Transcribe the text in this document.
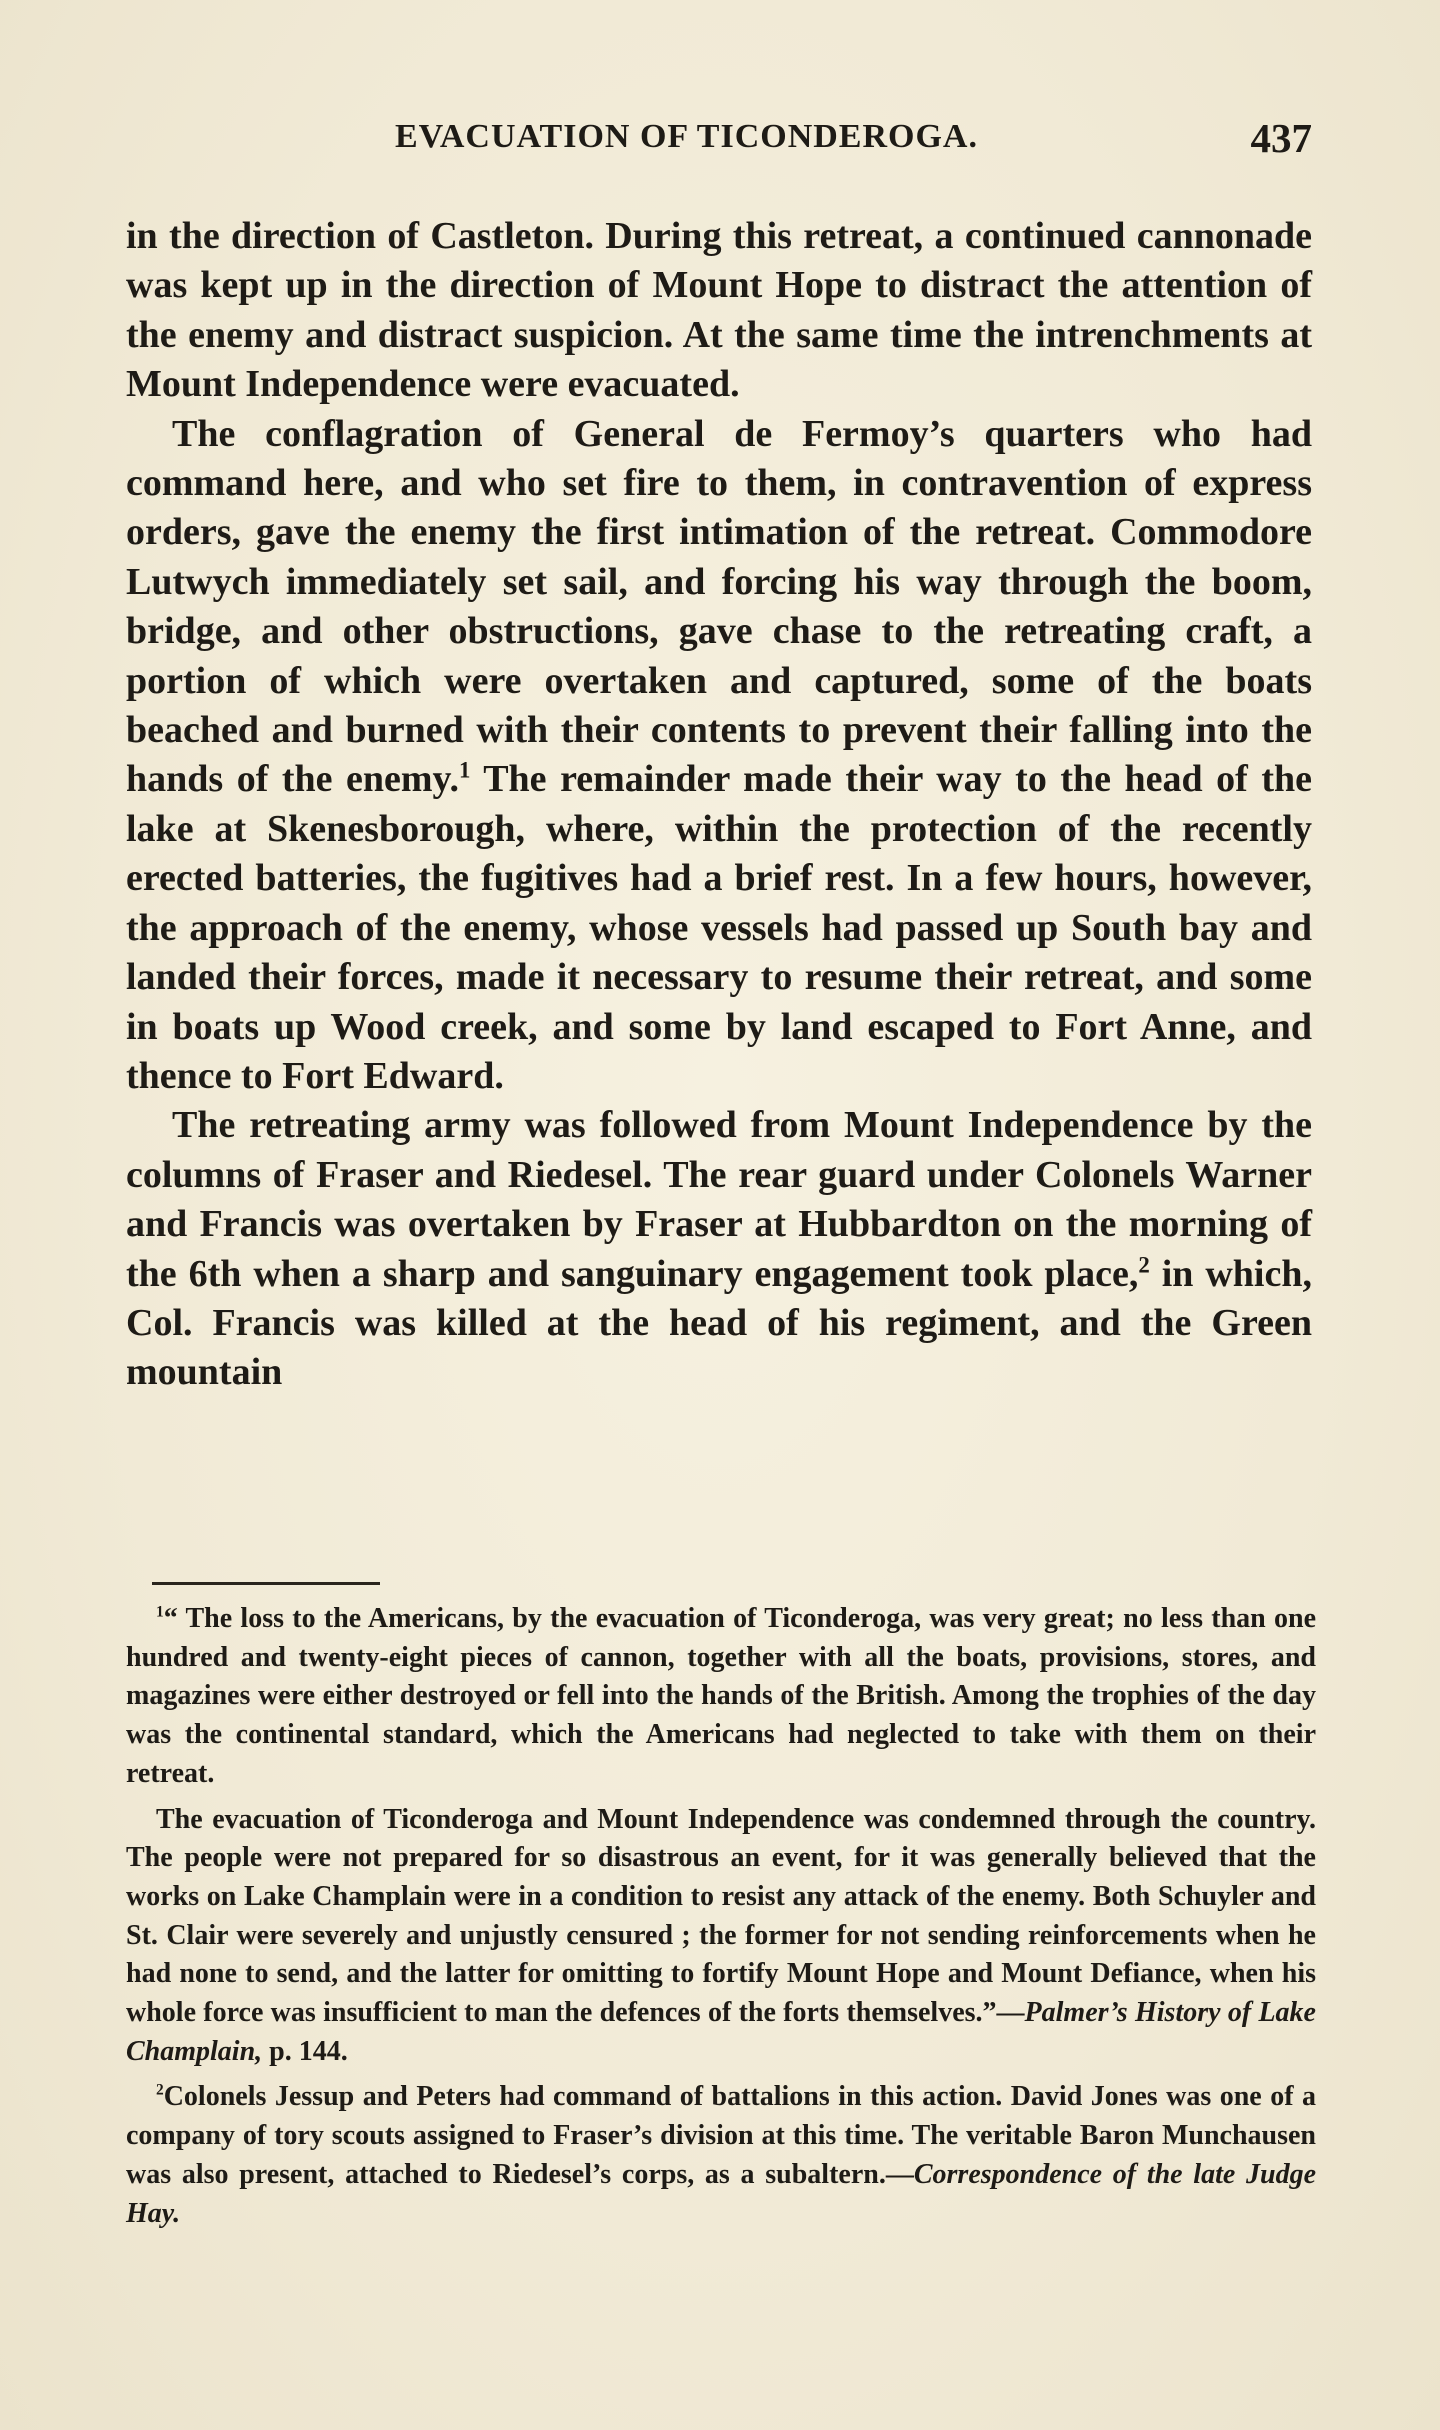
EVACUATION OF TICONDEROGA.	437

in the direction of Castleton. During this retreat, a continued cannonade was kept up in the direction of Mount Hope to distract the attention of the enemy and distract suspicion. At the same time the intrenchments at Mount Independence were evacuated.

The conflagration of General de Fermoy’s quarters who had command here, and who set fire to them, in contravention of express orders, gave the enemy the first intimation of the retreat. Commodore Lutwych immediately set sail, and forcing his way through the boom, bridge, and other obstructions, gave chase to the retreating craft, a portion of which were overtaken and captured, some of the boats beached and burned with their contents to prevent their falling into the hands of the enemy.$^1$ The remainder made their way to the head of the lake at Skenesborough, where, within the protection of the recently erected batteries, the fugitives had a brief rest. In a few hours, however, the approach of the enemy, whose vessels had passed up South bay and landed their forces, made it necessary to resume their retreat, and some in boats up Wood creek, and some by land escaped to Fort Anne, and thence to Fort Edward.

The retreating army was followed from Mount Independence by the columns of Fraser and Riedesel. The rear guard under Colonels Warner and Francis was overtaken by Fraser at Hubbardton on the morning of the 6th when a sharp and sanguinary engagement took place,$^2$ in which, Col. Francis was killed at the head of his regiment, and the Green mountain

$^1$“ The loss to the Americans, by the evacuation of Ticonderoga, was very great; no less than one hundred and twenty-eight pieces of cannon, together with all the boats, provisions, stores, and magazines were either destroyed or fell into the hands of the British. Among the trophies of the day was the continental standard, which the Americans had neglected to take with them on their retreat.

The evacuation of Ticonderoga and Mount Independence was condemned through the country. The people were not prepared for so disastrous an event, for it was generally believed that the works on Lake Champlain were in a condition to resist any attack of the enemy. Both Schuyler and St. Clair were severely and unjustly censured ; the former for not sending reinforcements when he had none to send, and the latter for omitting to fortify Mount Hope and Mount Defiance, when his whole force was insufficient to man the defences of the forts themselves.”—Palmer’s History of Lake Champlain, p. 144.

$^2$Colonels Jessup and Peters had command of battalions in this action. David Jones was one of a company of tory scouts assigned to Fraser’s division at this time. The veritable Baron Munchausen was also present, attached to Riedesel’s corps, as a subaltern.—Correspondence of the late Judge Hay.
